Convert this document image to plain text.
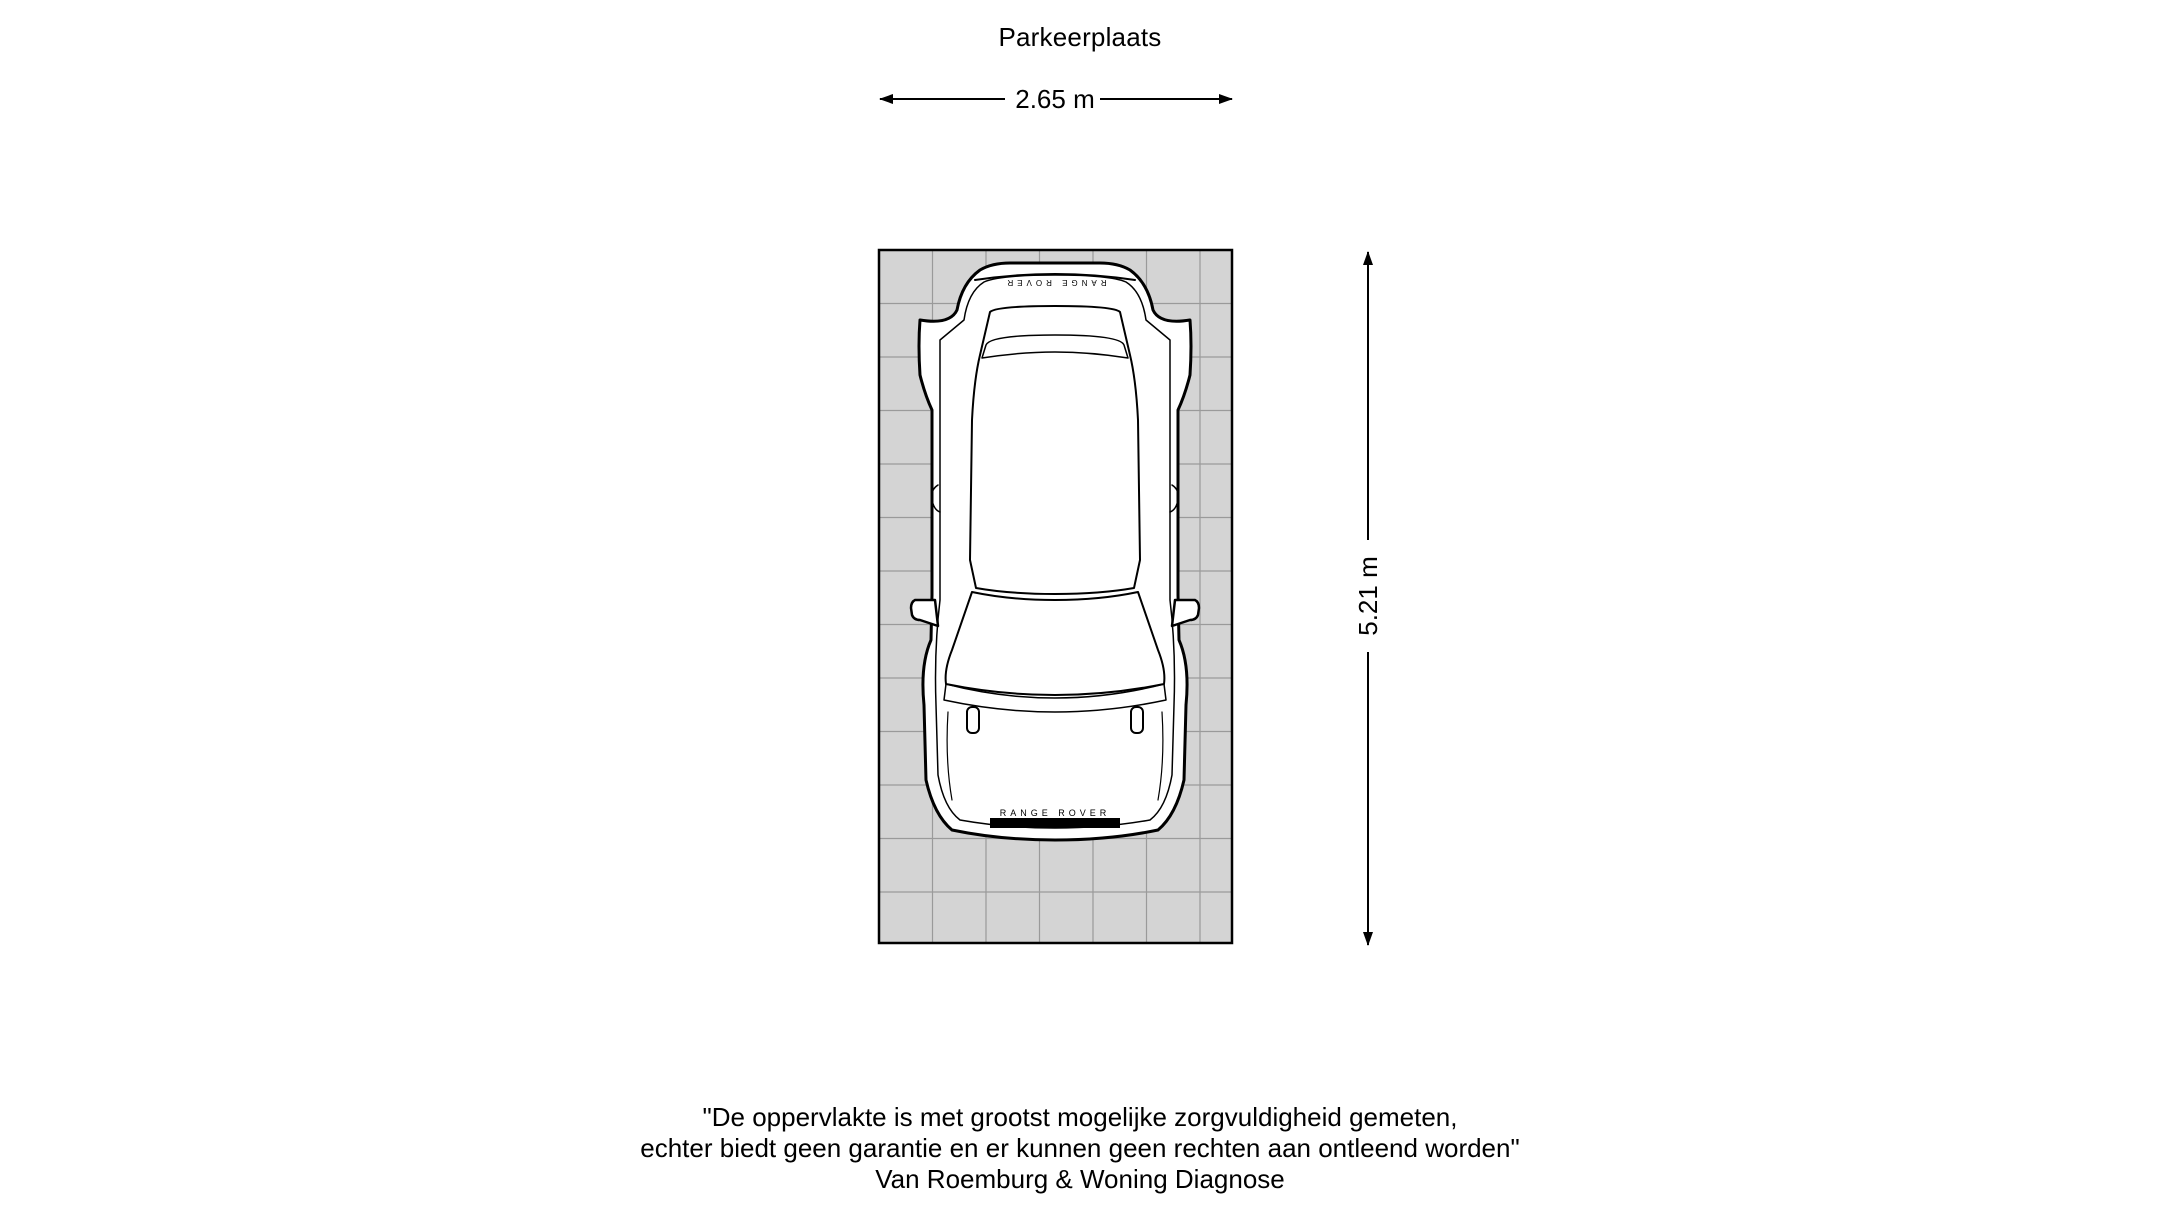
Parkeerplaats
2.65 m
5.21 m
RANGE ROVER
RANGE ROVER
"De oppervlakte is met grootst mogelijke zorgvuldigheid gemeten,
echter biedt geen garantie en er kunnen geen rechten aan ontleend worden"
Van Roemburg & Woning Diagnose
